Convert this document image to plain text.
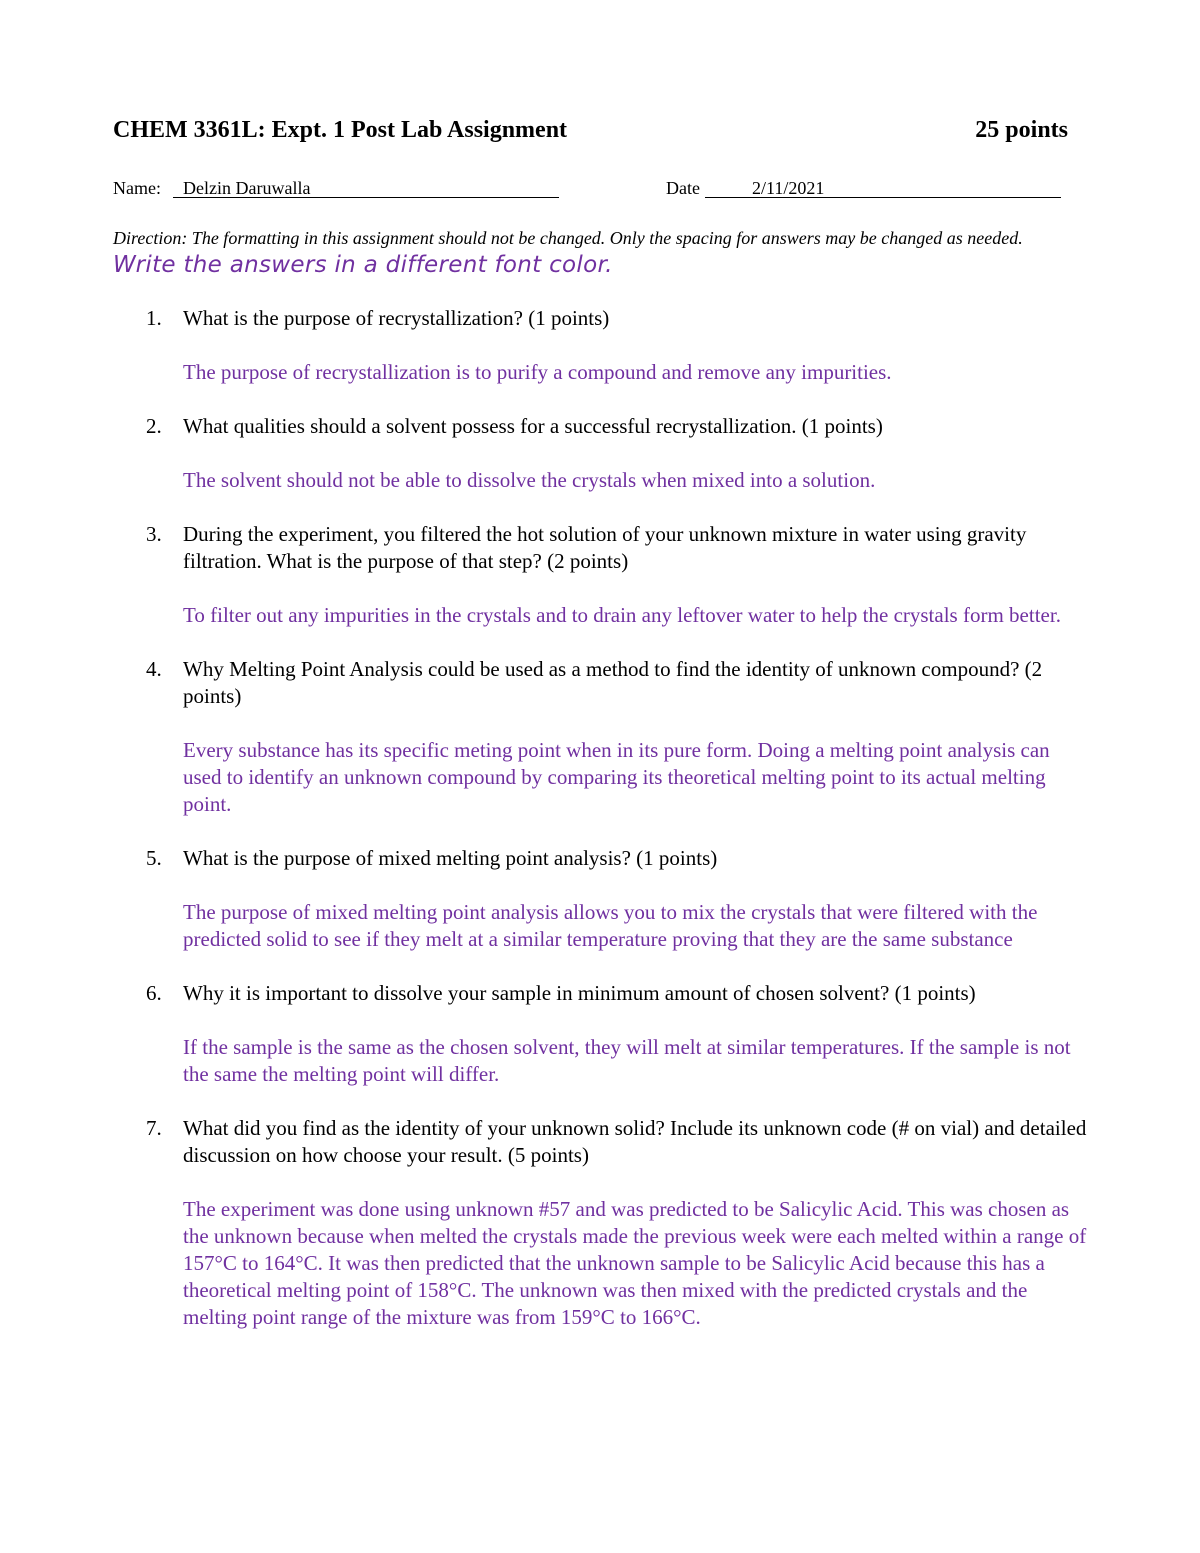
CHEM 3361L: Expt. 1 Post Lab Assignment	25 points
Name:	Delzin Daruwalla	Date	2/11/2021
Direction: The formatting in this assignment should not be changed. Only the spacing for answers may be changed as needed. Write the answers in a different font color.
1. What is the purpose of recrystallization? (1 points)
The purpose of recrystallization is to purify a compound and remove any impurities.
2. What qualities should a solvent possess for a successful recrystallization. (1 points)
The solvent should not be able to dissolve the crystals when mixed into a solution.
3. During the experiment, you filtered the hot solution of your unknown mixture in water using gravity filtration. What is the purpose of that step? (2 points)
To filter out any impurities in the crystals and to drain any leftover water to help the crystals form better.
4. Why Melting Point Analysis could be used as a method to find the identity of unknown compound? (2 points)
Every substance has its specific meting point when in its pure form. Doing a melting point analysis can used to identify an unknown compound by comparing its theoretical melting point to its actual melting point.
5. What is the purpose of mixed melting point analysis? (1 points)
The purpose of mixed melting point analysis allows you to mix the crystals that were filtered with the predicted solid to see if they melt at a similar temperature proving that they are the same substance
6. Why it is important to dissolve your sample in minimum amount of chosen solvent? (1 points)
If the sample is the same as the chosen solvent, they will melt at similar temperatures. If the sample is not the same the melting point will differ.
7. What did you find as the identity of your unknown solid? Include its unknown code (# on vial) and detailed discussion on how choose your result. (5 points)
The experiment was done using unknown #57 and was predicted to be Salicylic Acid. This was chosen as the unknown because when melted the crystals made the previous week were each melted within a range of 157°C to 164°C. It was then predicted that the unknown sample to be Salicylic Acid because this has a theoretical melting point of 158°C. The unknown was then mixed with the predicted crystals and the melting point range of the mixture was from 159°C to 166°C.
